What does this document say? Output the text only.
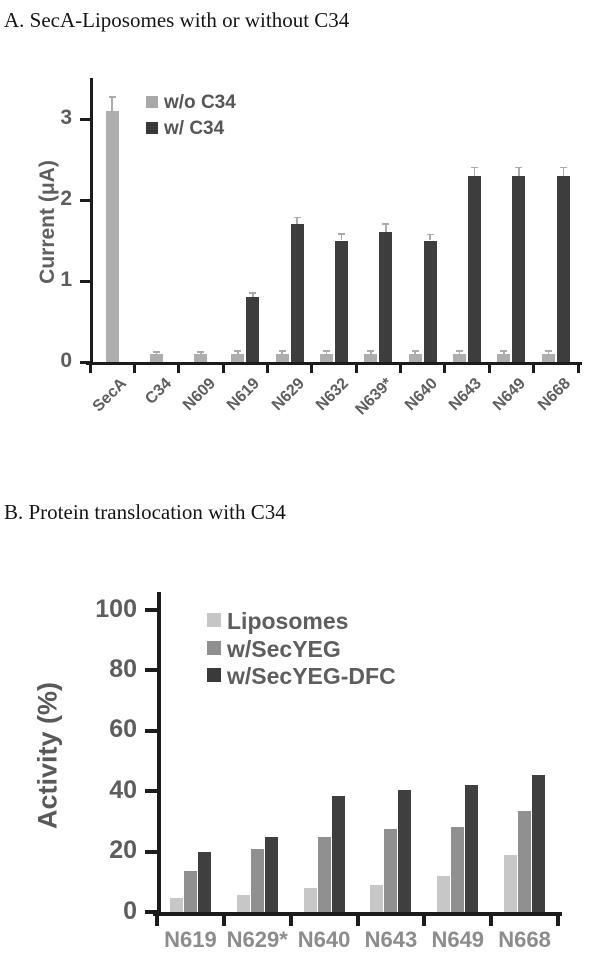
A. SecA-Liposomes with or without C34
0
1
2
3
SecA C34 N609 N619 N629 N632 N639* N640 N643 N649 N668
w/o C34
w/ C34
Current (μA)
B. Protein translocation with C34
0
20
40
60
80
100
N619 N629* N640 N643 N649 N668
Liposomes
w/SecYEG
w/SecYEG-DFC
Activity (%)
